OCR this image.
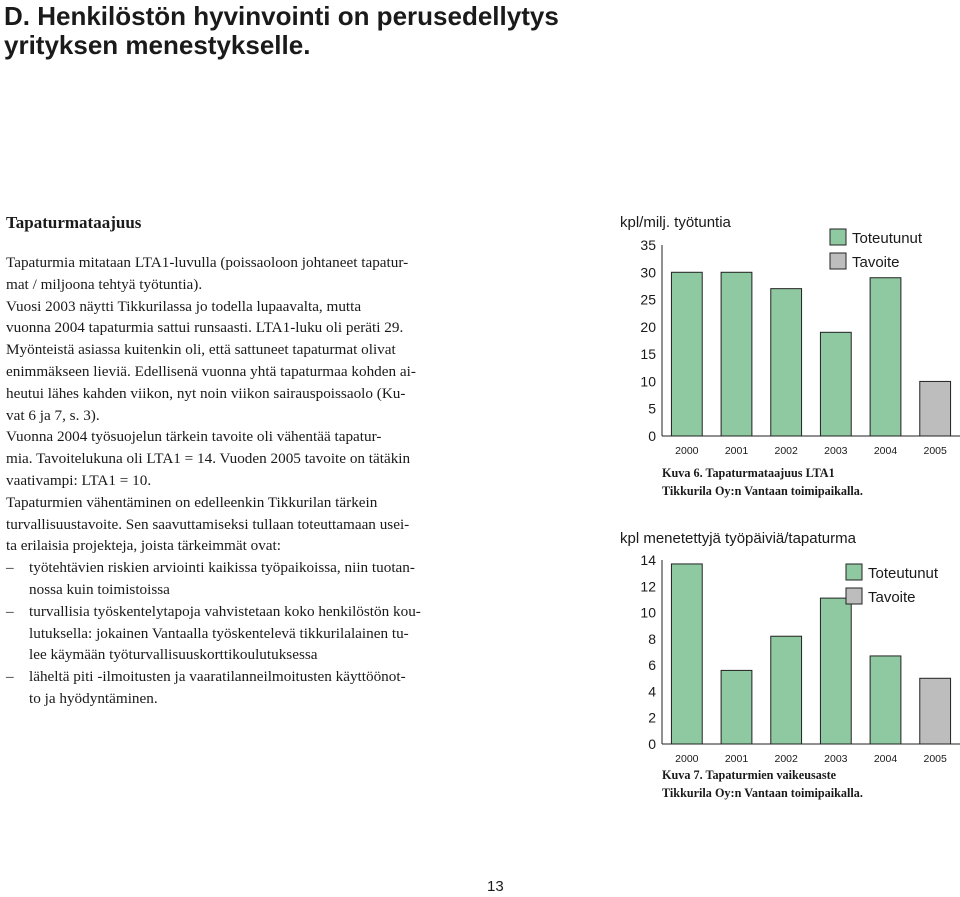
D. Henkilöstön hyvinvointi on perusedellytys
yrityksen menestykselle.
Tapaturmataajuus

Tapaturmia mitataan LTA1-luvulla (poissaoloon johtaneet tapatur-
mat / miljoona tehtyä työtuntia).
Vuosi 2003 näytti Tikkurilassa jo todella lupaavalta, mutta
vuonna 2004 tapaturmia sattui runsaasti. LTA1-luku oli peräti 29.
Myönteistä asiassa kuitenkin oli, että sattuneet tapaturmat olivat
enimmäkseen lieviä. Edellisenä vuonna yhtä tapaturmaa kohden ai-
heutui lähes kahden viikon, nyt noin viikon sairauspoissaolo (Ku-
vat 6 ja 7, s. 3).

Vuonna 2004 työsuojelun tärkein tavoite oli vähentää tapatur-
mia. Tavoitelukuna oli LTA1 = 14. Vuoden 2005 tavoite on tätäkin
vaativampi: LTA1 = 10.

Tapaturmien vähentäminen on edelleenkin Tikkurilan tärkein
turvallisuustavoite. Sen saavuttamiseksi tullaan toteuttamaan usei-
ta erilaisia projekteja, joista tärkeimmät ovat:

– työtehtävien riskien arviointi kaikissa työpaikoissa, niin tuotan-
nossa kuin toimistoissa
– turvallisia työskentelytapoja vahvistetaan koko henkilöstön kou-
lutuksella: jokainen Vantaalla työskentelevä tikkurilalainen tu-
lee käymään työturvallisuuskorttikoulutuksessa
– läheltä piti -ilmoitusten ja vaaratilanneilmoitusten käyttöönot-
to ja hyödyntäminen.
kpl/milj. työtuntia
0
5
10
15
20
25
30
35
2000	2001	2002	2003	2004	2005
Toteutunut
Tavoite
Kuva 6. Tapaturmataajuus LTA1
Tikkurila Oy:n Vantaan toimipaikalla.
kpl menetettyjä työpäiviä/tapaturma
0
2
4
6
8
10
12
14
2000	2001	2002	2003	2004	2005
Toteutunut
Tavoite
Kuva 7. Tapaturmien vaikeusaste
Tikkurila Oy:n Vantaan toimipaikalla.
13
